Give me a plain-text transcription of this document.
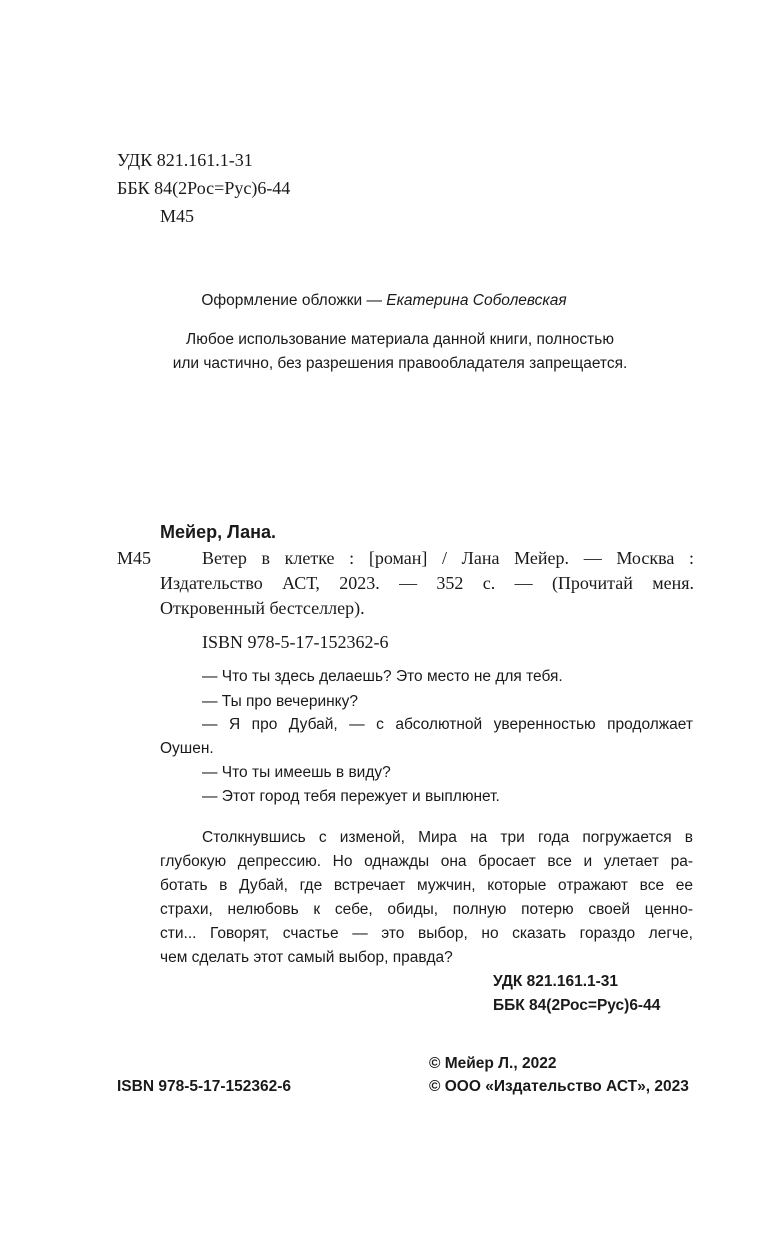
УДК 821.161.1-31
ББК 84(2Рос=Рус)6-44
М45
Оформление обложки — Екатерина Соболевская
Любое использование материала данной книги, полностью
или частично, без разрешения правообладателя запрещается.
Мейер, Лана.
М45	Ветер в клетке : [роман] / Лана Мейер. — Москва :
Издательство АСТ, 2023. — 352 с. — (Прочитай меня.
Откровенный бестселлер).
ISBN 978-5-17-152362-6
— Что ты здесь делаешь? Это место не для тебя.
— Ты про вечеринку?
— Я про Дубай, — с абсолютной уверенностью продолжает
Оушен.
— Что ты имеешь в виду?
— Этот город тебя пережует и выплюнет.
Столкнувшись с изменой, Мира на три года погружается в
глубокую депрессию. Но однажды она бросает все и улетает ра-
ботать в Дубай, где встречает мужчин, которые отражают все ее
страхи, нелюбовь к себе, обиды, полную потерю своей ценно-
сти... Говорят, счастье — это выбор, но сказать гораздо легче,
чем сделать этот самый выбор, правда?
УДК 821.161.1-31
ББК 84(2Рос=Рус)6-44
© Мейер Л., 2022
© ООО «Издательство АСТ», 2023
ISBN 978-5-17-152362-6
